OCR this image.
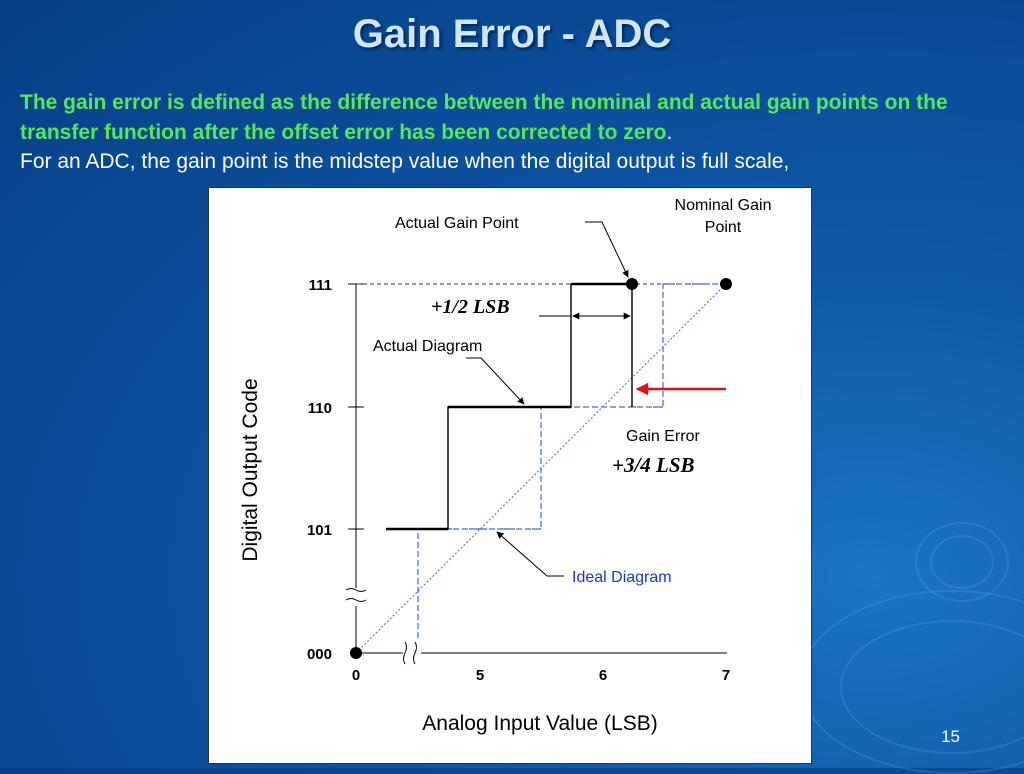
Gain Error - ADC
The gain error is defined as the difference between the nominal and actual gain points on the transfer function after the offset error has been corrected to zero.
For an ADC, the gain point is the midstep value when the digital output is full scale,
111
110
101
000
0	5	6	7
Digital Output Code
Analog Input Value (LSB)
+1/2 LSB
Actual Gain Point
Nominal Gain
Point
Actual Diagram
Gain Error
+3/4 LSB
Ideal Diagram
15
